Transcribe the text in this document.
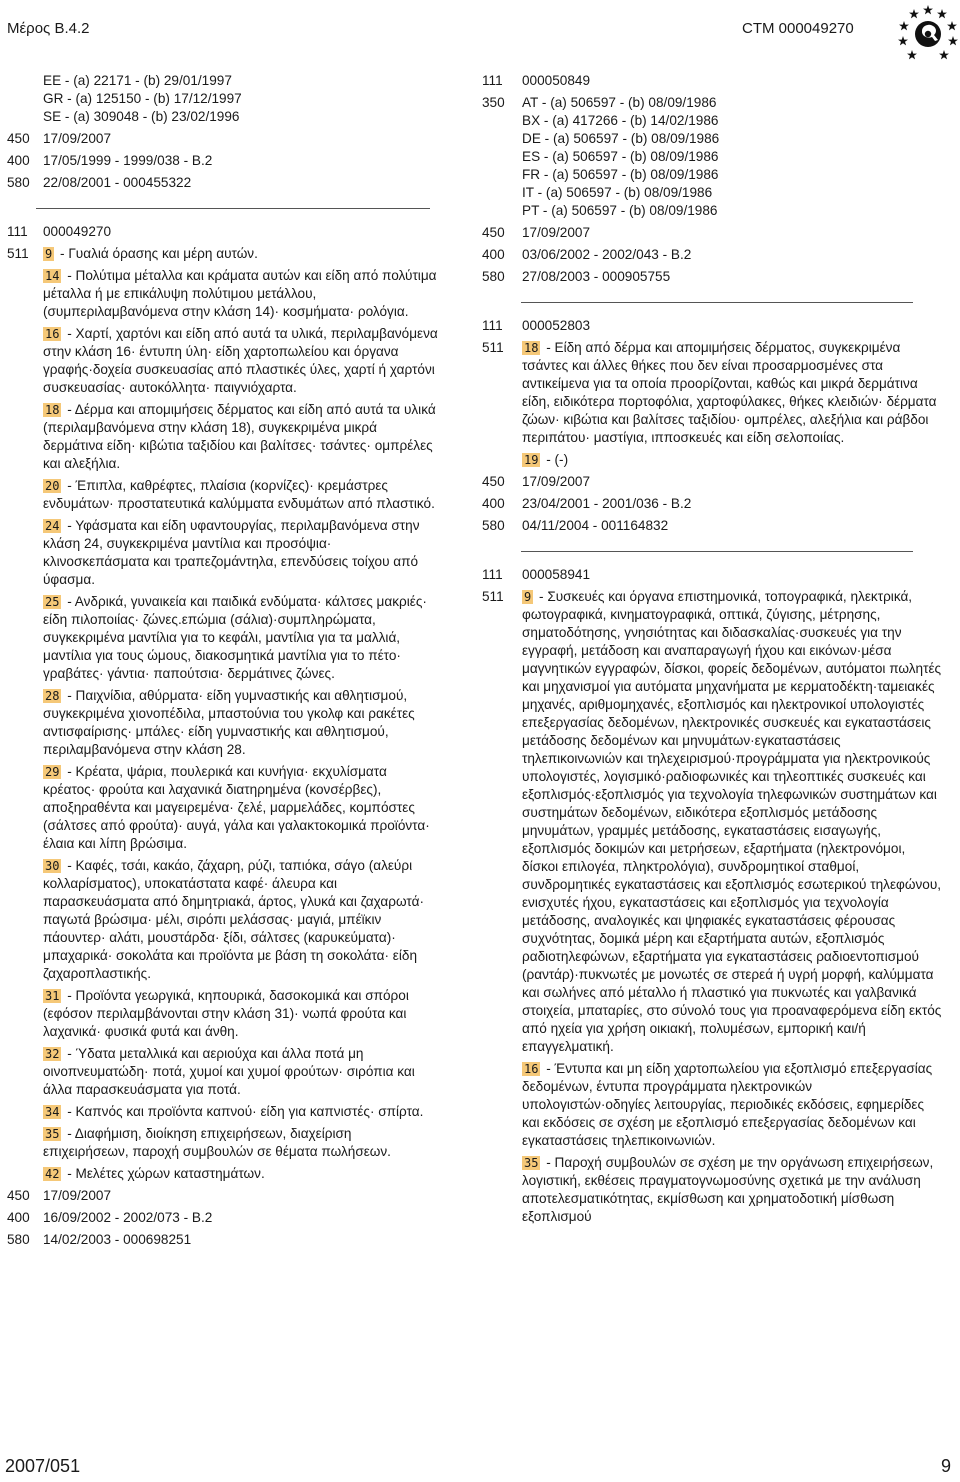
Μέρος Β.4.2	CTM 000049270
EE - (a) 22171 - (b) 29/01/1997
GR - (a) 125150 - (b) 17/12/1997
SE - (a) 309048 - (b) 23/02/1996
450 17/09/2007
400 17/05/1999 - 1999/038 - B.2
580 22/08/2001 - 000455322
111	000049270
511	9 - Γυαλιά όρασης και μέρη αυτών.
14 - Πολύτιμα μέταλλα και κράματα αυτών και είδη από πολύτιμα μέταλλα ή με επικάλυψη πολύτιμου μετάλλου, (συμπεριλαμβανόμενα στην κλάση 14)· κοσμήματα· ρολόγια.
16 - Χαρτί, χαρτόνι και είδη από αυτά τα υλικά, περιλαμβανόμενα στην κλάση 16· έντυπη ύλη· είδη χαρτοπωλείου και όργανα γραφής·δοχεία συσκευασίας από πλαστικές ύλες, χαρτί ή χαρτόνι συσκευασίας· αυτοκόλλητα· παιγνιόχαρτα.
18 - Δέρμα και απομιμήσεις δέρματος και είδη από αυτά τα υλικά (περιλαμβανόμενα στην κλάση 18), συγκεκριμένα μικρά δερμάτινα είδη· κιβώτια ταξιδίου και βαλίτσες· τσάντες· ομπρέλες και αλεξήλια.
20 - Έπιπλα, καθρέφτες, πλαίσια (κορνίζες)· κρεμάστρες ενδυμάτων· προστατευτικά καλύμματα ενδυμάτων από πλαστικό.
24 - Υφάσματα και είδη υφαντουργίας, περιλαμβανόμενα στην κλάση 24, συγκεκριμένα μαντίλια και προσόψια· κλινοσκεπάσματα και τραπεζομάντηλα, επενδύσεις τοίχου από ύφασμα.
25 - Ανδρικά, γυναικεία και παιδικά ενδύματα· κάλτσες μακριές· είδη πιλοποιίας· ζώνες.επώμια (σάλια)·συμπληρώματα, συγκεκριμένα μαντίλια για το κεφάλι, μαντίλια για τα μαλλιά, μαντίλια για τους ώμους, διακοσμητικά μαντίλια για το πέτο· γραβάτες· γάντια· παπούτσια· δερμάτινες ζώνες.
28 - Παιχνίδια, αθύρματα· είδη γυμναστικής και αθλητισμού, συγκεκριμένα χιονοπέδιλα, μπαστούνια του γκολφ και ρακέτες αντισφαίρισης· μπάλες· είδη γυμναστικής και αθλητισμού, περιλαμβανόμενα στην κλάση 28.
29 - Κρέατα, ψάρια, πουλερικά και κυνήγια· εκχυλίσματα κρέατος· φρούτα και λαχανικά διατηρημένα (κονσέρβες), αποξηραθέντα και μαγειρεμένα· ζελέ, μαρμελάδες, κομπόστες (σάλτσες από φρούτα)· αυγά, γάλα και γαλακτοκομικά προϊόντα· έλαια και λίπη βρώσιμα.
30 - Καφές, τσάι, κακάο, ζάχαρη, ρύζι, ταπιόκα, σάγο (αλεύρι κολλαρίσματος), υποκατάστατα καφέ· άλευρα και παρασκευάσματα από δημητριακά, άρτος, γλυκά και ζαχαρωτά· παγωτά βρώσιμα· μέλι, σιρόπι μελάσσας· μαγιά, μπέϊκιν πάουντερ· αλάτι, μουστάρδα· ξίδι, σάλτσες (καρυκεύματα)· μπαχαρικά· σοκολάτα και προϊόντα με βάση τη σοκολάτα· είδη ζαχαροπλαστικής.
31 - Προϊόντα γεωργικά, κηπουρικά, δασοκομικά και σπόροι (εφόσον περιλαμβάνονται στην κλάση 31)· νωπά φρούτα και λαχανικά· φυσικά φυτά και άνθη.
32 - Ύδατα μεταλλικά και αεριούχα και άλλα ποτά μη οινοπνευματώδη· ποτά, χυμοί και χυμοί φρούτων· σιρόπια και άλλα παρασκευάσματα για ποτά.
34 - Καπνός και προϊόντα καπνού· είδη για καπνιστές· σπίρτα.
35 - Διαφήμιση, διοίκηση επιχειρήσεων, διαχείριση επιχειρήσεων, παροχή συμβουλών σε θέματα πωλήσεων.
42 - Μελέτες χώρων καταστημάτων.
450 17/09/2007
400 16/09/2002 - 2002/073 - B.2
580 14/02/2003 - 000698251
111	000050849
350	AT - (a) 506597 - (b) 08/09/1986
BX - (a) 417266 - (b) 14/02/1986
DE - (a) 506597 - (b) 08/09/1986
ES - (a) 506597 - (b) 08/09/1986
FR - (a) 506597 - (b) 08/09/1986
IT - (a) 506597 - (b) 08/09/1986
PT - (a) 506597 - (b) 08/09/1986
450	17/09/2007
400	03/06/2002 - 2002/043 - B.2
580	27/08/2003 - 000905755
111	000052803
511	18 - Είδη από δέρμα και απομιμήσεις δέρματος, συγκεκριμένα τσάντες και άλλες θήκες που δεν είναι προσαρμοσμένες στα αντικείμενα για τα οποία προορίζονται, καθώς και μικρά δερμάτινα είδη, ειδικότερα πορτοφόλια, χαρτοφύλακες, θήκες κλειδιών· δέρματα ζώων· κιβώτια και βαλίτσες ταξιδίου· ομπρέλες, αλεξήλια και ράβδοι περιπάτου· μαστίγια, ιπποσκευές και είδη σελοποιίας.
19 - (-)
450	17/09/2007
400	23/04/2001 - 2001/036 - B.2
580	04/11/2004 - 001164832
111	000058941
511	9 - Συσκευές και όργανα επιστημονικά, τοπογραφικά, ηλεκτρικά, φωτογραφικά, κινηματογραφικά, οπτικά, ζύγισης, μέτρησης, σηματοδότησης, γνησιότητας και διδασκαλίας·συσκευές για την εγγραφή, μετάδοση και αναπαραγωγή ήχου και εικόνων·μέσα μαγνητικών εγγραφών, δίσκοι, φορείς δεδομένων, αυτόματοι πωλητές και μηχανισμοί για αυτόματα μηχανήματα με κερματοδέκτη·ταμειακές μηχανές, αριθμομηχανές, εξοπλισμός και ηλεκτρονικοί υπολογιστές επεξεργασίας δεδομένων, ηλεκτρονικές συσκευές και εγκαταστάσεις μετάδοσης δεδομένων και μηνυμάτων·εγκαταστάσεις τηλεπικοινωνιών και τηλεχειρισμού·προγράμματα για ηλεκτρονικούς υπολογιστές, λογισμικό·ραδιοφωνικές και τηλεοπτικές συσκευές και εξοπλισμός·εξοπλισμός για τεχνολογία τηλεφωνικών συστημάτων και συστημάτων δεδομένων, ειδικότερα εξοπλισμός μετάδοσης μηνυμάτων, γραμμές μετάδοσης, εγκαταστάσεις εισαγωγής, εξοπλισμός δοκιμών και μετρήσεων, εξαρτήματα (ηλεκτρονόμοι, δίσκοι επιλογέα, πληκτρολόγια), συνδρομητικοί σταθμοί, συνδρομητικές εγκαταστάσεις και εξοπλισμός εσωτερικού τηλεφώνου, ενισχυτές ήχου, εγκαταστάσεις και εξοπλισμός για τεχνολογία μετάδοσης, αναλογικές και ψηφιακές εγκαταστάσεις φέρουσας συχνότητας, δομικά μέρη και εξαρτήματα αυτών, εξοπλισμός ραδιοτηλεφώνων, εξαρτήματα για εγκαταστάσεις ραδιοεντοπισμού (ραντάρ)·πυκνωτές με μονωτές σε στερεά ή υγρή μορφή, καλύμματα και σωλήνες από μέταλλο ή πλαστικό για πυκνωτές και γαλβανικά στοιχεία, μπαταρίες, στο σύνολό τους για προαναφερόμενα είδη εκτός από ηχεία για χρήση οικιακή, πολυμέσων, εμπορική και/ή επαγγελματική.
16 - Έντυπα και μη είδη χαρτοπωλείου για εξοπλισμό επεξεργασίας δεδομένων, έντυπα προγράμματα ηλεκτρονικών υπολογιστών·οδηγίες λειτουργίας, περιοδικές εκδόσεις, εφημερίδες και εκδόσεις σε σχέση με εξοπλισμό επεξεργασίας δεδομένων και εγκαταστάσεις τηλεπικοινωνιών.
35 - Παροχή συμβουλών σε σχέση με την οργάνωση επιχειρήσεων, λογιστική, εκθέσεις πραγματογνωμοσύνης σχετικά με την ανάλυση αποτελεσματικότητας, εκμίσθωση και χρηματοδοτική μίσθωση εξοπλισμού
2007/051	9
